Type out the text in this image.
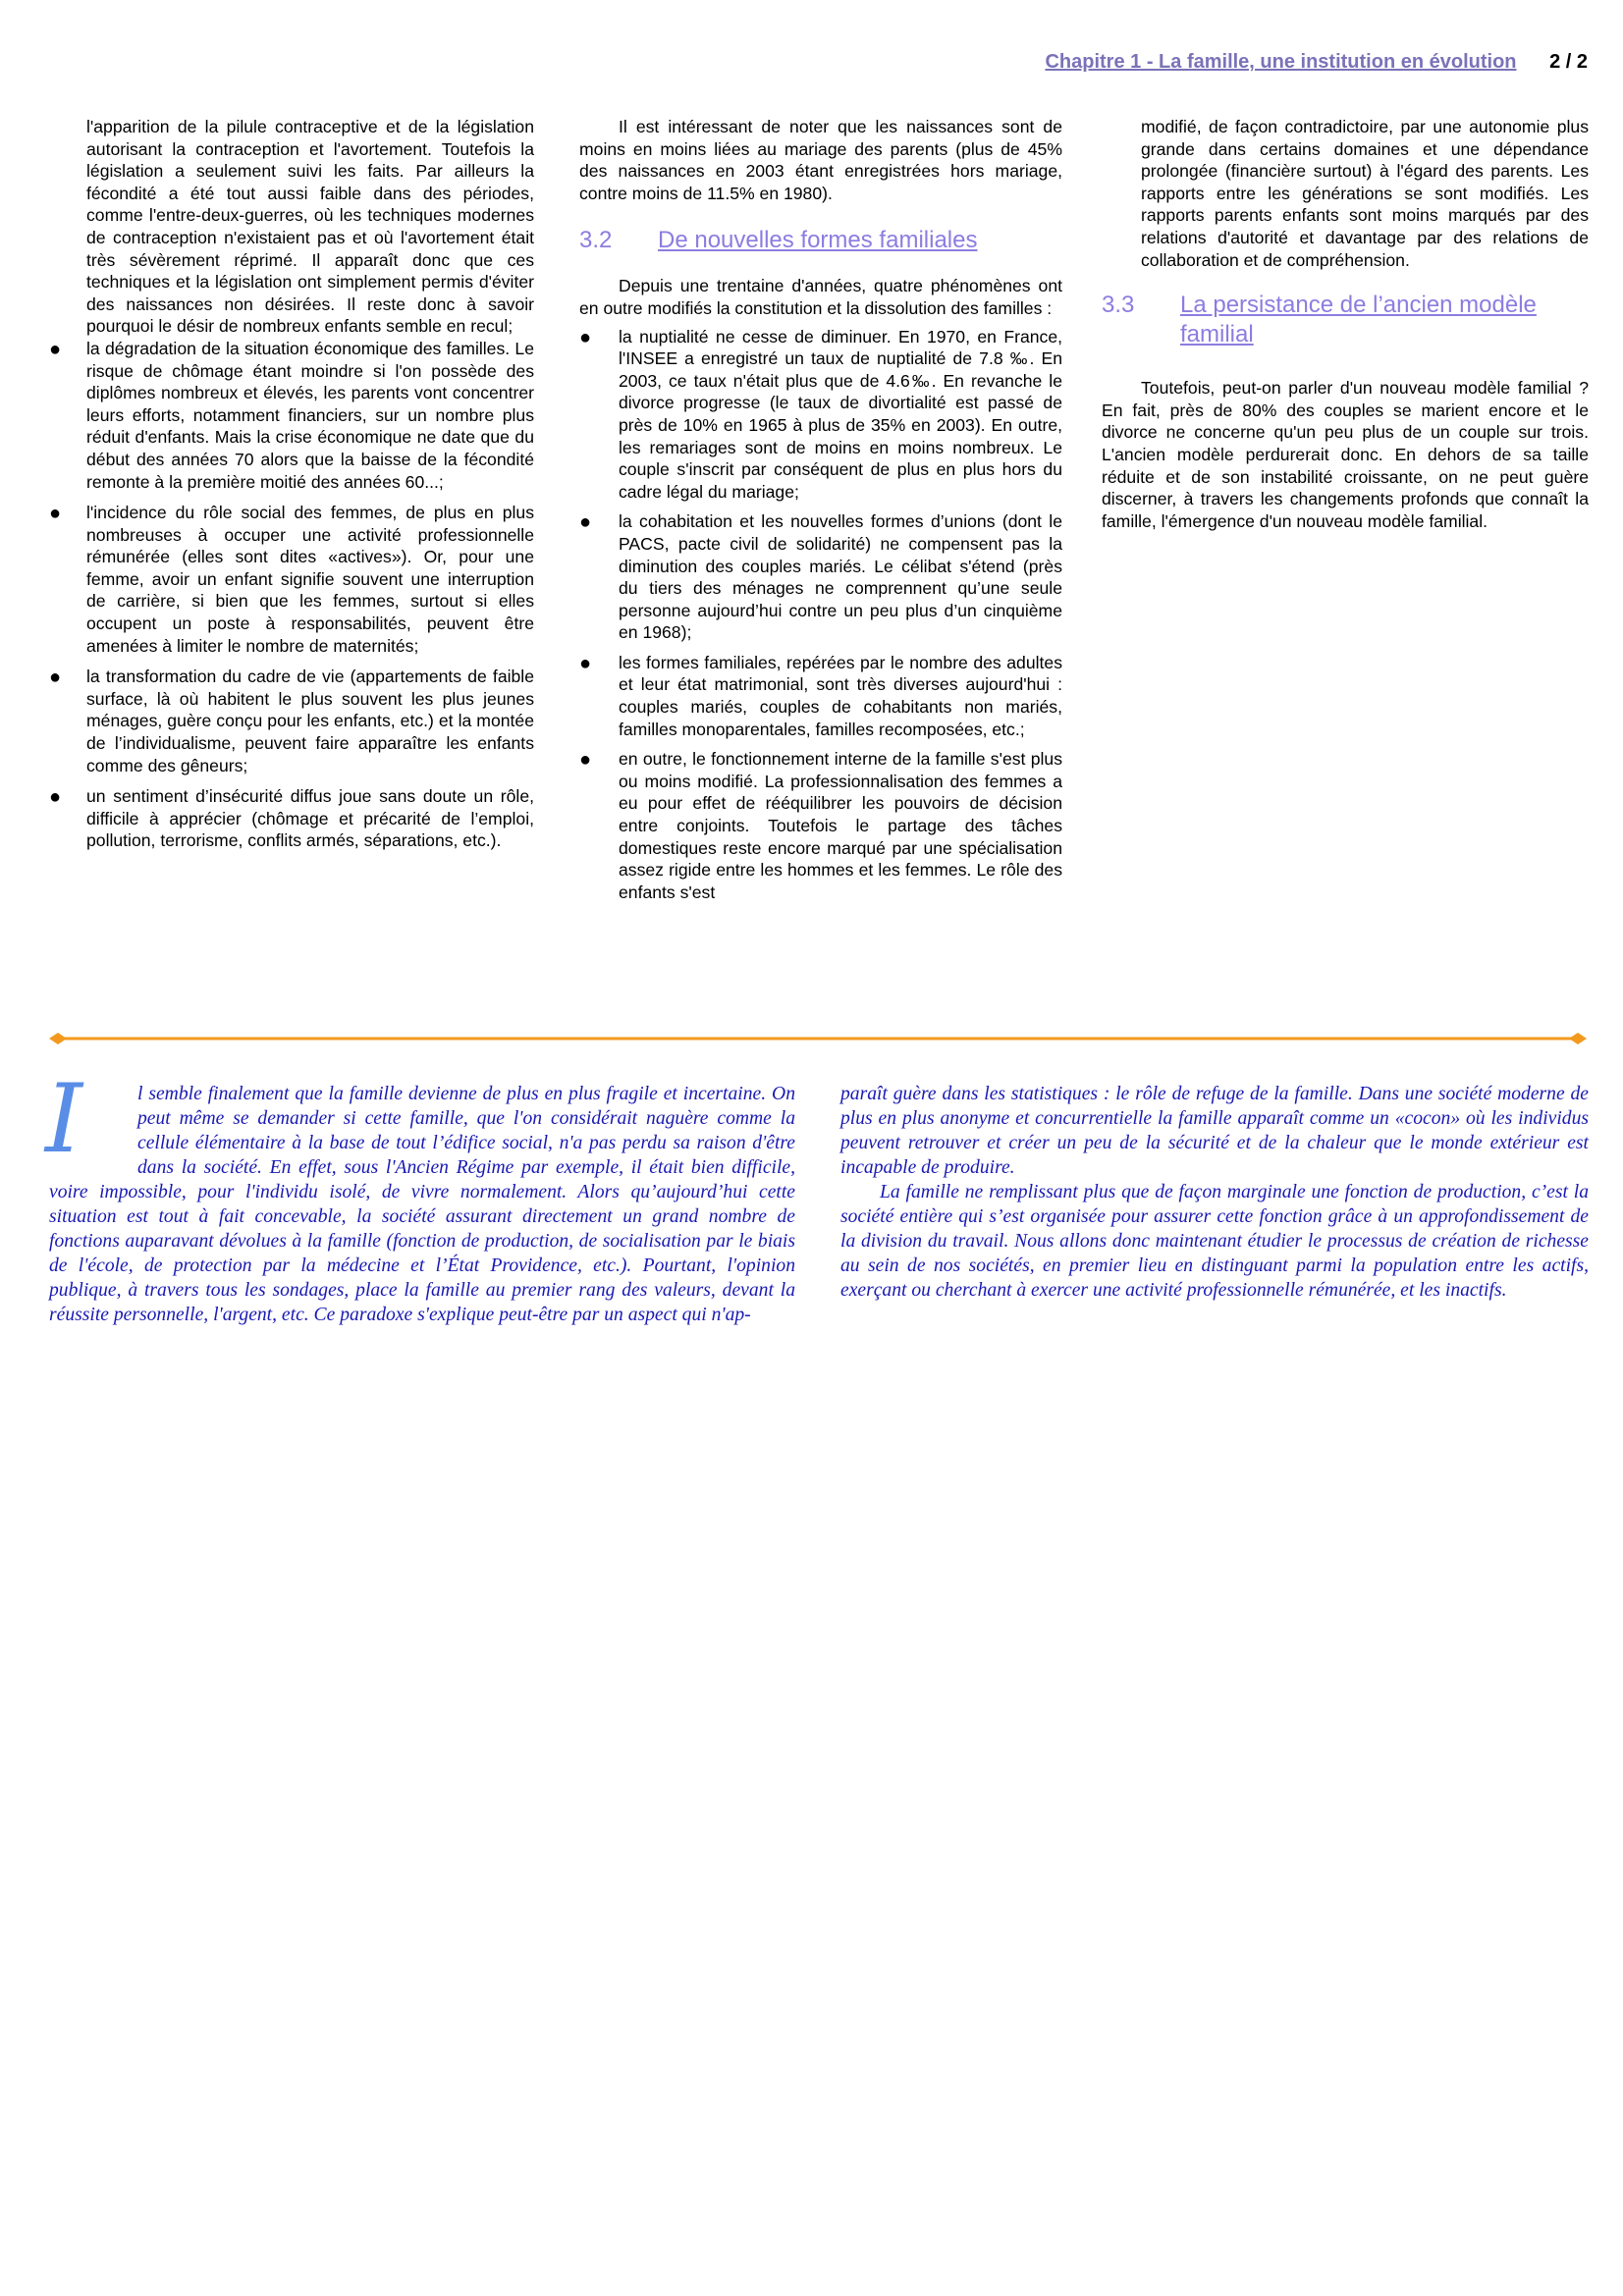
Chapitre 1 - La famille, une institution en évolution 2 / 2

l'apparition de la pilule contraceptive et de la législation autorisant la contraception et l'avortement. Toutefois la législation a seulement suivi les faits. Par ailleurs la fécondité a été tout aussi faible dans des périodes, comme l'entre-deux-guerres, où les techniques modernes de contraception n'existaient pas et où l'avortement était très sévèrement réprimé. Il apparaît donc que ces techniques et la législation ont simplement permis d'éviter des naissances non désirées. Il reste donc à savoir pourquoi le désir de nombreux enfants semble en recul;

● la dégradation de la situation économique des familles. Le risque de chômage étant moindre si l'on possède des diplômes nombreux et élevés, les parents vont concentrer leurs efforts, notamment financiers, sur un nombre plus réduit d'enfants. Mais la crise économique ne date que du début des années 70 alors que la baisse de la fécondité remonte à la première moitié des années 60...;
● l'incidence du rôle social des femmes, de plus en plus nombreuses à occuper une activité professionnelle rémunérée (elles sont dites «actives»). Or, pour une femme, avoir un enfant signifie souvent une interruption de carrière, si bien que les femmes, surtout si elles occupent un poste à responsabilités, peuvent être amenées à limiter le nombre de maternités;
● la transformation du cadre de vie (appartements de faible surface, là où habitent le plus souvent les plus jeunes ménages, guère conçu pour les enfants, etc.) et la montée de l’individualisme, peuvent faire apparaître les enfants comme des gêneurs;
● un sentiment d’insécurité diffus joue sans doute un rôle, difficile à apprécier (chômage et précarité de l’emploi, pollution, terrorisme, conflits armés, séparations, etc.).

Il est intéressant de noter que les naissances sont de moins en moins liées au mariage des parents (plus de 45% des naissances en 2003 étant enregistrées hors mariage, contre moins de 11.5% en 1980).

3.2	De nouvelles formes familiales

Depuis une trentaine d'années, quatre phénomènes ont en outre modifiés la constitution et la dissolution des familles :

● la nuptialité ne cesse de diminuer. En 1970, en France, l'INSEE a enregistré un taux de nuptialité de 7.8 ‰. En 2003, ce taux n'était plus que de 4.6‰. En revanche le divorce progresse (le taux de divortialité est passé de près de 10% en 1965 à plus de 35% en 2003). En outre, les remariages sont de moins en moins nombreux. Le couple s'inscrit par conséquent de plus en plus hors du cadre légal du mariage;
● la cohabitation et les nouvelles formes d’unions (dont le PACS, pacte civil de solidarité) ne compensent pas la diminution des couples mariés. Le célibat s'étend (près du tiers des ménages ne comprennent qu’une seule personne aujourd’hui contre un peu plus d’un cinquième en 1968);
● les formes familiales, repérées par le nombre des adultes et leur état matrimonial, sont très diverses aujourd'hui : couples mariés, couples de cohabitants non mariés, familles monoparentales, familles recomposées, etc.;
● en outre, le fonctionnement interne de la famille s'est plus ou moins modifié. La professionnalisation des femmes a eu pour effet de rééquilibrer les pouvoirs de décision entre conjoints. Toutefois le partage des tâches domestiques reste encore marqué par une spécialisation assez rigide entre les hommes et les femmes. Le rôle des enfants s'est

modifié, de façon contradictoire, par une autonomie plus grande dans certains domaines et une dépendance prolongée (financière surtout) à l'égard des parents. Les rapports entre les générations se sont modifiés. Les rapports parents enfants sont moins marqués par des relations d'autorité et davantage par des relations de collaboration et de compréhension.

3.3	La persistance de l’ancien modèle familial

Toutefois, peut-on parler d'un nouveau modèle familial ? En fait, près de 80% des couples se marient encore et le divorce ne concerne qu'un peu plus de un couple sur trois. L'ancien modèle perdurerait donc. En dehors de sa taille réduite et de son instabilité croissante, on ne peut guère discerner, à travers les changements profonds que connaît la famille, l'émergence d'un nouveau modèle familial.

I	l semble finalement que la famille devienne de plus en plus fragile et incertaine. On peut même se demander si cette famille, que l'on considérait naguère comme la cellule élémentaire à la base de tout l’édifice social, n'a pas perdu sa raison d'être dans la société. En effet, sous l'Ancien Régime par exemple, il était bien difficile, voire impossible, pour l'individu isolé, de vivre normalement. Alors qu’aujourd’hui cette situation est tout à fait concevable, la société assurant directement un grand nombre de fonctions auparavant dévolues à la famille (fonction de production, de socialisation par le biais de l'école, de protection par la médecine et l’État Providence, etc.). Pourtant, l'opinion publique, à travers tous les sondages, place la famille au premier rang des valeurs, devant la réussite personnelle, l'argent, etc. Ce paradoxe s'explique peut-être par un aspect qui n'ap-

paraît guère dans les statistiques : le rôle de refuge de la famille. Dans une société moderne de plus en plus anonyme et concurrentielle la famille apparaît comme un «cocon» où les individus peuvent retrouver et créer un peu de la sécurité et de la chaleur que le monde extérieur est incapable de produire.

La famille ne remplissant plus que de façon marginale une fonction de production, c’est la société entière qui s’est organisée pour assurer cette fonction grâce à un approfondissement de la division du travail. Nous allons donc maintenant étudier le processus de création de richesse au sein de nos sociétés, en premier lieu en distinguant parmi la population entre les actifs, exerçant ou cherchant à exercer une activité professionnelle rémunérée, et les inactifs.
